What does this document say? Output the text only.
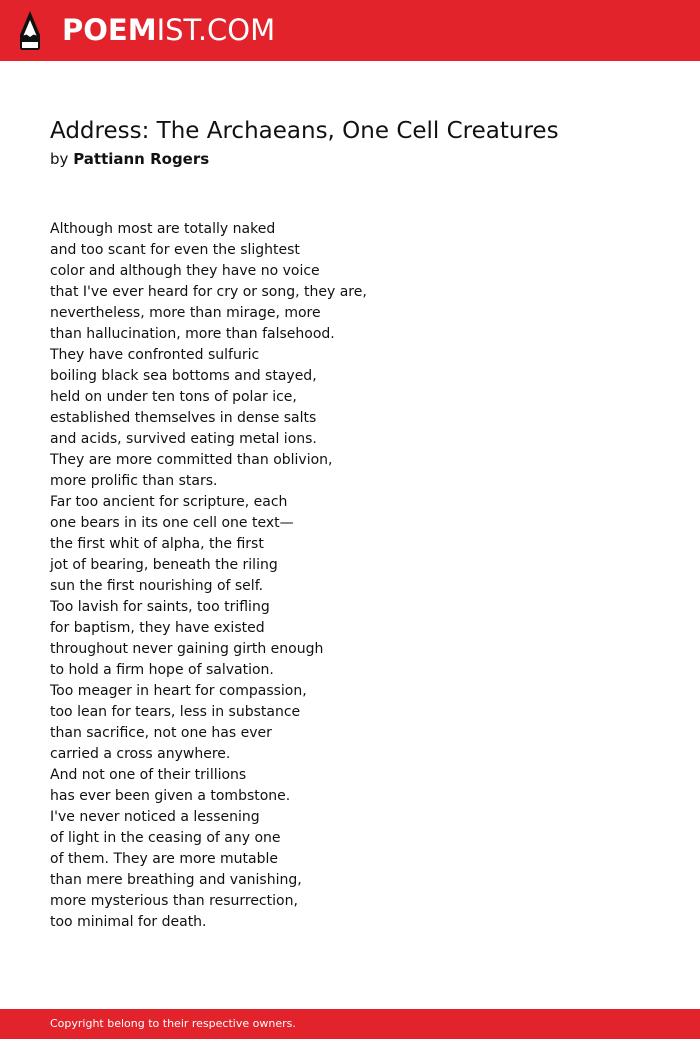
POEMIST.COM
Address: The Archaeans, One Cell Creatures
by Pattiann Rogers
Although most are totally naked
and too scant for even the slightest
color and although they have no voice
that I've ever heard for cry or song, they are,
nevertheless, more than mirage, more
than hallucination, more than falsehood.
They have confronted sulfuric
boiling black sea bottoms and stayed,
held on under ten tons of polar ice,
established themselves in dense salts
and acids, survived eating metal ions.
They are more committed than oblivion,
more prolific than stars.
Far too ancient for scripture, each
one bears in its one cell one text—
the first whit of alpha, the first
jot of bearing, beneath the riling
sun the first nourishing of self.
Too lavish for saints, too trifling
for baptism, they have existed
throughout never gaining girth enough
to hold a firm hope of salvation.
Too meager in heart for compassion,
too lean for tears, less in substance
than sacrifice, not one has ever
carried a cross anywhere.
And not one of their trillions
has ever been given a tombstone.
I've never noticed a lessening
of light in the ceasing of any one
of them. They are more mutable
than mere breathing and vanishing,
more mysterious than resurrection,
too minimal for death.
Copyright belong to their respective owners.
